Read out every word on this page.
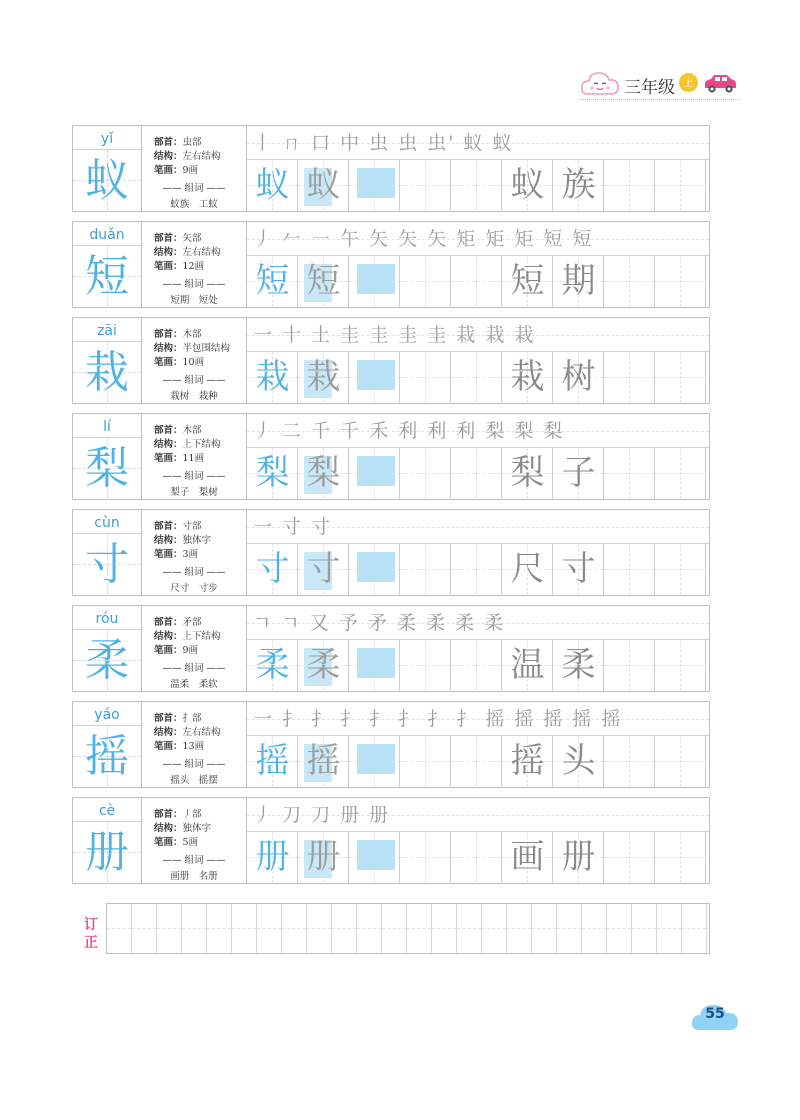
三年级 上
yǐ
蚁
部首：虫部
结构：左右结构
笔画：9画
—— 组词 ——
蚁族　工蚁
丨 ㄇ 口 中 虫 虫 虫' 蚁 蚁
蚁 蚁	蚁 族
duǎn
短
部首：矢部
结构：左右结构
笔画：12画
—— 组词 ——
短期　短处
丿 𠂉 ㇐ 午 矢 矢 矢 矩 矩 矩 短 短
短 短	短 期
zāi
栽
部首：木部
结构：半包围结构
笔画：10画
—— 组词 ——
栽树　栽种
一 十 土 圭 圭 圭 圭 栽 栽 栽
栽 栽	栽 树
lí
梨
部首：木部
结构：上下结构
笔画：11画
—— 组词 ——
梨子　梨树
丿 二 千 千 禾 利 利 利 梨 梨 梨
梨 梨	梨 子
cùn
寸
部首：寸部
结构：独体字
笔画：3画
—— 组词 ——
尺寸　寸步
一 寸 寸
寸 寸	尺 寸
róu
柔
部首：矛部
结构：上下结构
笔画：9画
—— 组词 ——
温柔　柔软
ㄱ ㄱ 又 予 矛 柔 柔 柔 柔
柔 柔	温 柔
yáo
摇
部首：扌部
结构：左右结构
笔画：13画
—— 组词 ——
摇头　摇摆
一 扌 扌 扌 扌 扌 扌 扌 摇 摇 摇 摇 摇
摇 摇	摇 头
cè
册
部首：丿部
结构：独体字
笔画：5画
—— 组词 ——
画册　名册
丿 刀 刀 册 册
册 册	画 册
订正
55
